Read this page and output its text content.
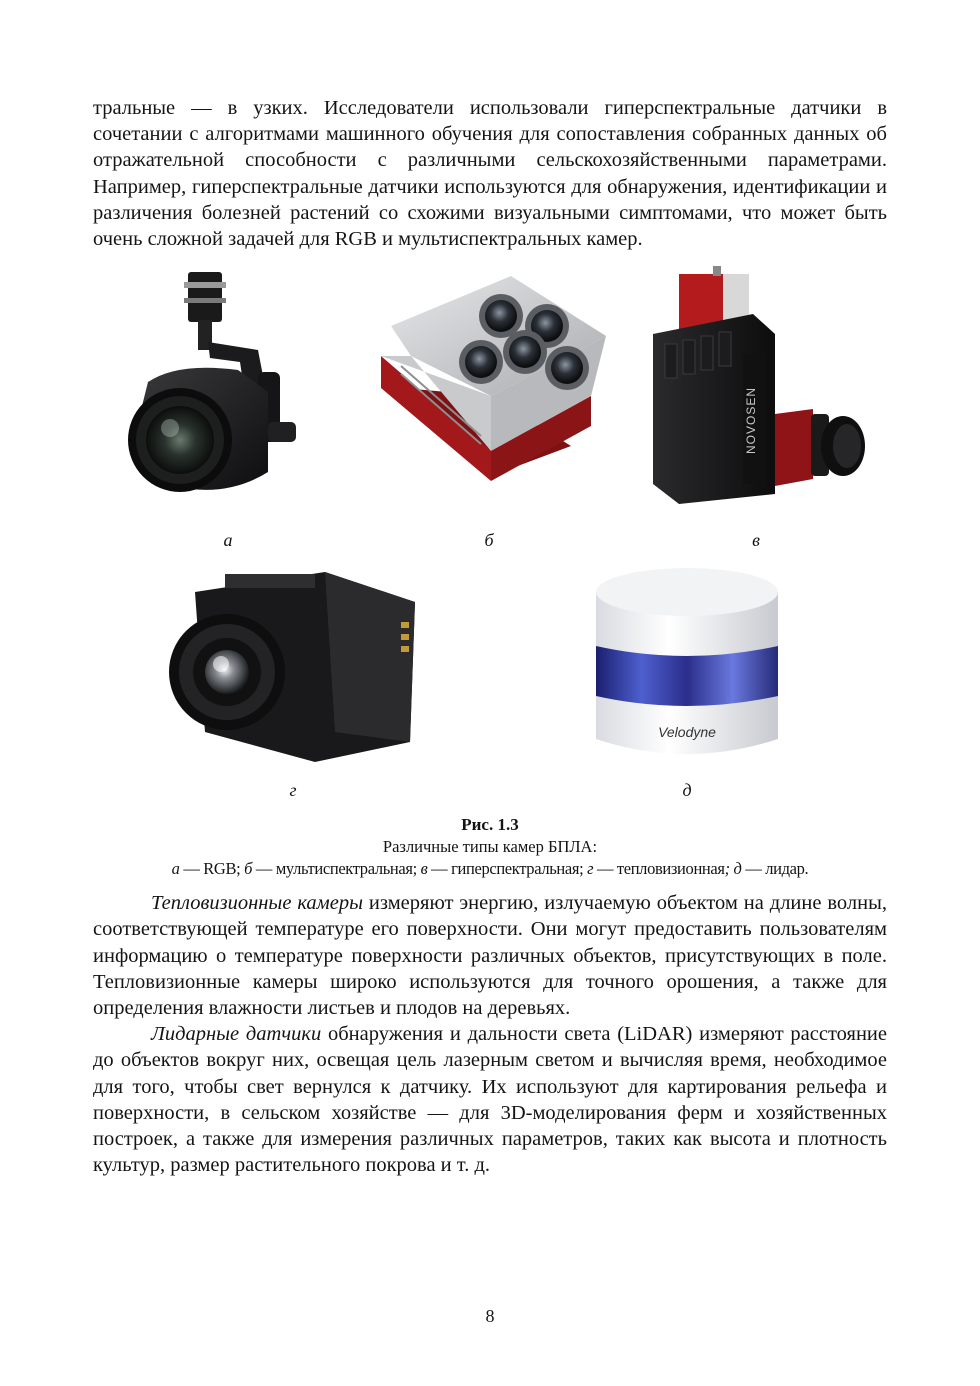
тральные — в узких. Исследователи использовали гиперспектральные датчики в сочетании с алгоритмами машинного обучения для сопоставления собранных данных об отражательной способности с различными сельскохозяйственными параметрами. Например, гиперспектральные датчики используются для обнаружения, идентификации и различения болезней растений со схожими визуальными симптомами, что может быть очень сложной задачей для RGB и мультиспектральных камер.

NOVOSEN
а	б	в
Velodyne
г	д
Рис. 1.3
Различные типы камер БПЛА:
а — RGB; б — мультиспектральная; в — гиперспектральная; г — тепловизионная; д — лидар.

Тепловизионные камеры измеряют энергию, излучаемую объектом на длине волны, соответствующей температуре его поверхности. Они могут предоставить пользователям информацию о температуре поверхности различных объектов, присутствующих в поле. Тепловизионные камеры широко используются для точного орошения, а также для определения влажности листьев и плодов на деревьях.

Лидарные датчики обнаружения и дальности света (LiDAR) измеряют расстояние до объектов вокруг них, освещая цель лазерным светом и вычисляя время, необходимое для того, чтобы свет вернулся к датчику. Их используют для картирования рельефа и поверхности, в сельском хозяйстве — для 3D-моделирования ферм и хозяйственных построек, а также для измерения различных параметров, таких как высота и плотность культур, размер растительного покрова и т. д.

8
